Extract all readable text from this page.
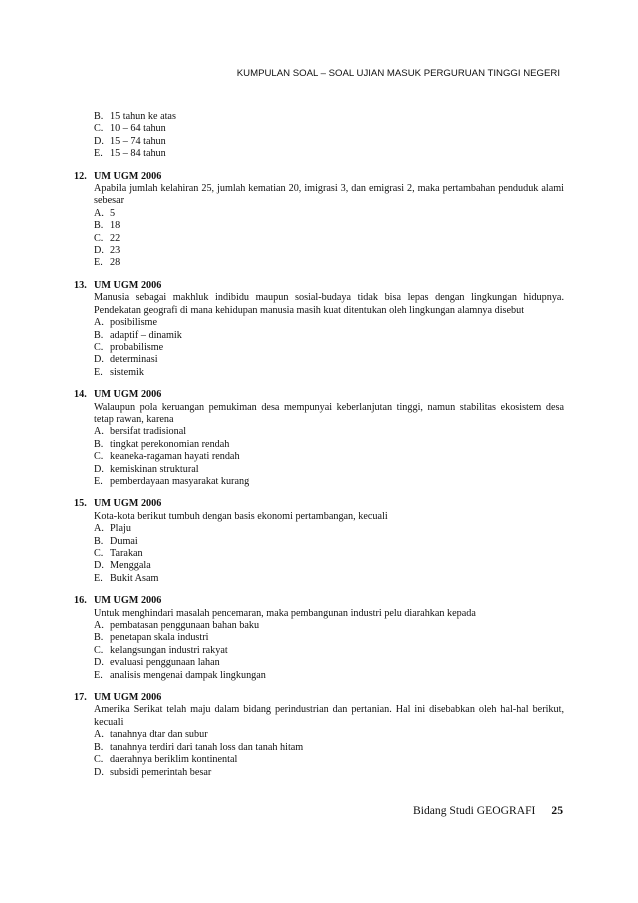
KUMPULAN SOAL – SOAL UJIAN MASUK PERGURUAN TINGGI NEGERI
B. 15 tahun ke atas
C. 10 – 64 tahun
D. 15 – 74 tahun
E. 15 – 84 tahun
12. UM UGM 2006
Apabila jumlah kelahiran 25, jumlah kematian 20, imigrasi 3, dan emigrasi 2, maka pertambahan penduduk alami sebesar
A. 5
B. 18
C. 22
D. 23
E. 28
13. UM UGM 2006
Manusia sebagai makhluk indibidu maupun sosial-budaya tidak bisa lepas dengan lingkungan hidupnya. Pendekatan geografi di mana kehidupan manusia masih kuat ditentukan oleh lingkungan alamnya disebut
A. posibilisme
B. adaptif – dinamik
C. probabilisme
D. determinasi
E. sistemik
14. UM UGM 2006
Walaupun pola keruangan pemukiman desa mempunyai keberlanjutan tinggi, namun stabilitas ekosistem desa tetap rawan, karena
A. bersifat tradisional
B. tingkat perekonomian rendah
C. keaneka-ragaman hayati rendah
D. kemiskinan struktural
E. pemberdayaan masyarakat kurang
15. UM UGM 2006
Kota-kota berikut tumbuh dengan basis ekonomi pertambangan, kecuali
A. Plaju
B. Dumai
C. Tarakan
D. Menggala
E. Bukit Asam
16. UM UGM 2006
Untuk menghindari masalah pencemaran, maka pembangunan industri pelu diarahkan kepada
A. pembatasan penggunaan bahan baku
B. penetapan skala industri
C. kelangsungan industri rakyat
D. evaluasi penggunaan lahan
E. analisis mengenai dampak lingkungan
17. UM UGM 2006
Amerika Serikat telah maju dalam bidang perindustrian dan pertanian. Hal ini disebabkan oleh hal-hal berikut, kecuali
A. tanahnya dtar dan subur
B. tanahnya terdiri dari tanah loss dan tanah hitam
C. daerahnya beriklim kontinental
D. subsidi pemerintah besar
Bidang Studi GEOGRAFI 25
